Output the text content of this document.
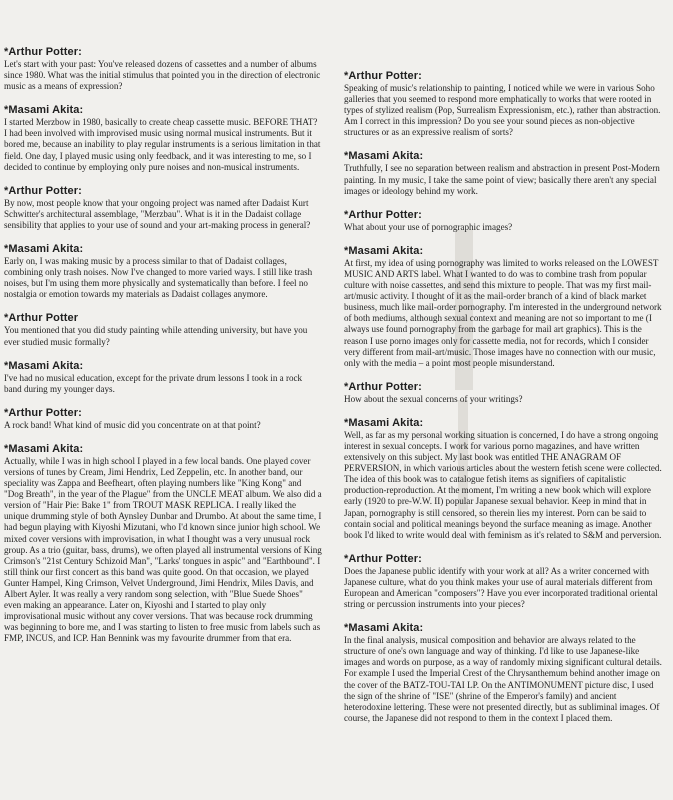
*Arthur Potter:

Let's start with your past: You've released dozens of cassettes and a number of albums since 1980. What was the initial stimulus that pointed you in the direction of electronic music as a means of expression?

*Masami Akita:

I started Merzbow in 1980, basically to create cheap cassette music. BEFORE THAT? I had been involved with improvised music using normal musical instruments. But it bored me, because an inability to play regular instruments is a serious limitation in that field. One day, I played music using only feedback, and it was interesting to me, so I decided to continue by employing only pure noises and non-musical instruments.

*Arthur Potter:

By now, most people know that your ongoing project was named after Dadaist Kurt Schwitter's architectural assemblage, "Merzbau". What is it in the Dadaist collage sensibility that applies to your use of sound and your art-making process in general?

*Masami Akita:

Early on, I was making music by a process similar to that of Dadaist collages, combining only trash noises. Now I've changed to more varied ways. I still like trash noises, but I'm using them more physically and systematically than before. I feel no nostalgia or emotion towards my materials as Dadaist collages anymore.

*Arthur Potter

You mentioned that you did study painting while attending university, but have you ever studied music formally?

*Masami Akita:

I've had no musical education, except for the private drum lessons I took in a rock band during my younger days.

*Arthur Potter:

A rock band! What kind of music did you concentrate on at that point?

*Masami Akita:

Actually, while I was in high school I played in a few local bands. One played cover versions of tunes by Cream, Jimi Hendrix, Led Zeppelin, etc. In another band, our speciality was Zappa and Beefheart, often playing numbers like "King Kong" and "Dog Breath", in the year of the Plague" from the UNCLE MEAT album. We also did a version of "Hair Pie: Bake 1" from TROUT MASK REPLICA. I really liked the unique drumming style of both Aynsley Dunbar and Drumbo. At about the same time, I had begun playing with Kiyoshi Mizutani, who I'd known since junior high school. We mixed cover versions with improvisation, in what I thought was a very unusual rock group. As a trio (guitar, bass, drums), we often played all instrumental versions of King Crimson's "21st Century Schizoid Man", "Larks' tongues in aspic" and "Earthbound". I still think our first concert as this band was quite good. On that occasion, we played Gunter Hampel, King Crimson, Velvet Underground, Jimi Hendrix, Miles Davis, and Albert Ayler. It was really a very random song selection, with "Blue Suede Shoes" even making an appearance. Later on, Kiyoshi and I started to play only improvisational music without any cover versions. That was because rock drumming was beginning to bore me, and I was starting to listen to free music from labels such as FMP, INCUS, and ICP. Han Bennink was my favourite drummer from that era.

*Arthur Potter:

Speaking of music's relationship to painting, I noticed while we were in various Soho galleries that you seemed to respond more emphatically to works that were rooted in types of stylized realism (Pop, Surrealism Expressionism, etc.), rather than abstraction. Am I correct in this impression? Do you see your sound pieces as non-objective structures or as an expressive realism of sorts?

*Masami Akita:

Truthfully, I see no separation between realism and abstraction in present Post-Modern painting. In my music, I take the same point of view; basically there aren't any special images or ideology behind my work.

*Arthur Potter:

What about your use of pornographic images?

*Masami Akita:

At first, my idea of using pornography was limited to works released on the LOWEST MUSIC AND ARTS label. What I wanted to do was to combine trash from popular culture with noise cassettes, and send this mixture to people. That was my first mail-art/music activity. I thought of it as the mail-order branch of a kind of black market business, much like mail-order pornography. I'm interested in the underground network of both mediums, although sexual context and meaning are not so important to me (I always use found pornography from the garbage for mail art graphics). This is the reason I use porno images only for cassette media, not for records, which I consider very different from mail-art/music. Those images have no connection with our music, only with the media – a point most people misunderstand.

*Arthur Potter:

How about the sexual concerns of your writings?

*Masami Akita:

Well, as far as my personal working situation is concerned, I do have a strong ongoing interest in sexual concepts. I work for various porno magazines, and have written extensively on this subject. My last book was entitled THE ANAGRAM OF PERVERSION, in which various articles about the western fetish scene were collected. The idea of this book was to catalogue fetish items as signifiers of capitalistic production-reproduction. At the moment, I'm writing a new book which will explore early (1920 to pre-W.W. II) popular Japanese sexual behavior. Keep in mind that in Japan, pornography is still censored, so therein lies my interest. Porn can be said to contain social and political meanings beyond the surface meaning as image. Another book I'd liked to write would deal with feminism as it's related to S&M and perversion.

*Arthur Potter:

Does the Japanese public identify with your work at all? As a writer concerned with Japanese culture, what do you think makes your use of aural materials different from European and American "composers"? Have you ever incorporated traditional oriental string or percussion instruments into your pieces?

*Masami Akita:

In the final analysis, musical composition and behavior are always related to the structure of one's own language and way of thinking. I'd like to use Japanese-like images and words on purpose, as a way of randomly mixing significant cultural details. For example I used the Imperial Crest of the Chrysanthemum behind another image on the cover of the BATZ-TOU-TAI LP. On the ANTIMONUMENT picture disc, I used the sign of the shrine of "ISE" (shrine of the Emperor's family) and ancient heterodoxine lettering. These were not presented directly, but as subliminal images. Of course, the Japanese did not respond to them in the context I placed them.
